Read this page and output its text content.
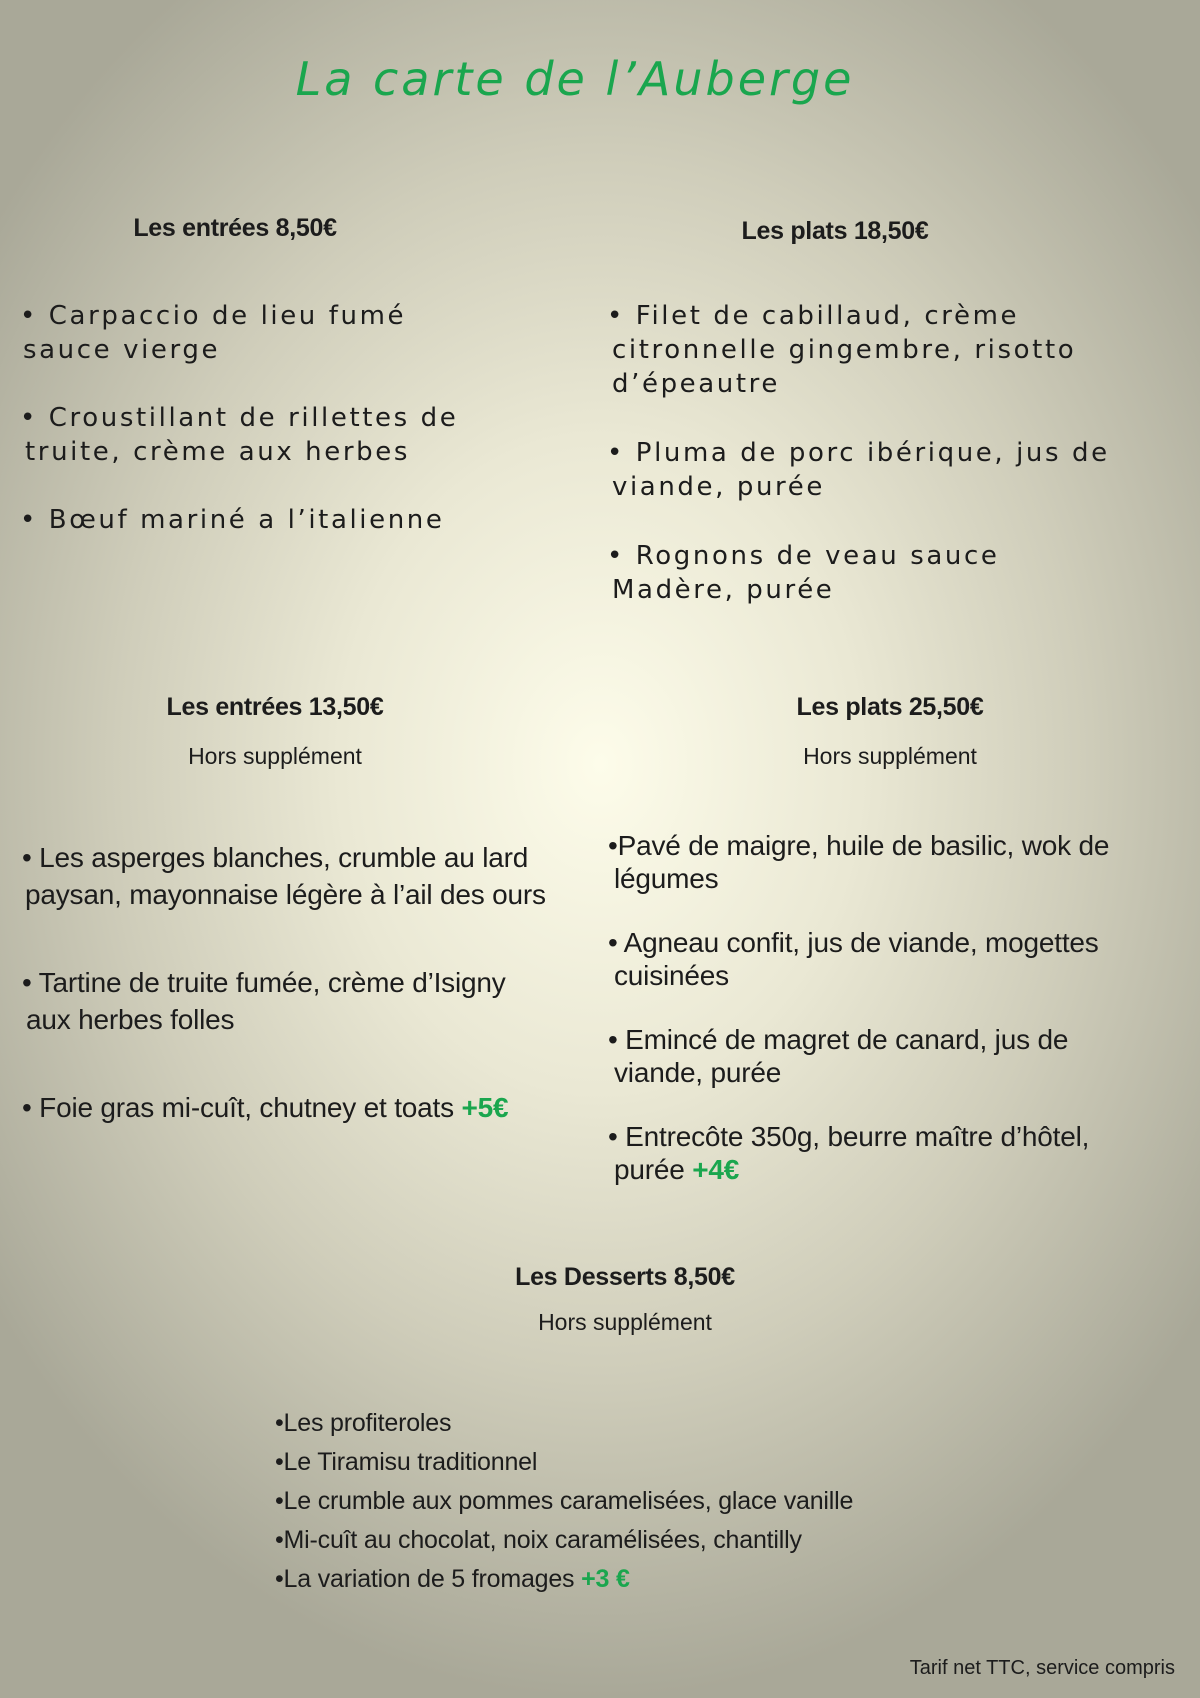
La carte de l’Auberge
Les entrées 8,50€

• Carpaccio de lieu fumé

sauce vierge

• Croustillant de rillettes de

truite, crème aux herbes

• Bœuf mariné a l’italienne

Les plats 18,50€

• Filet de cabillaud, crème

citronnelle gingembre, risotto

d’épeautre

• Pluma de porc ibérique, jus de

viande, purée

• Rognons de veau sauce

Madère, purée

Les entrées 13,50€
Hors supplément

• Les asperges blanches, crumble au lard

paysan, mayonnaise légère à l’ail des ours

• Tartine de truite fumée, crème d’Isigny

aux herbes folles

• Foie gras mi-cuît, chutney et toats +5€

Les plats 25,50€
Hors supplément

•Pavé de maigre, huile de basilic, wok de

légumes

• Agneau confit, jus de viande, mogettes

cuisinées

• Emincé de magret de canard, jus de

viande, purée

• Entrecôte 350g, beurre maître d’hôtel,

purée +4€

Les Desserts 8,50€
Hors supplément
•Les profiteroles
•Le Tiramisu traditionnel
•Le crumble aux pommes caramelisées, glace vanille
•Mi-cuît au chocolat, noix caramélisées, chantilly
•La variation de 5 fromages +3 €
Tarif net TTC, service compris
